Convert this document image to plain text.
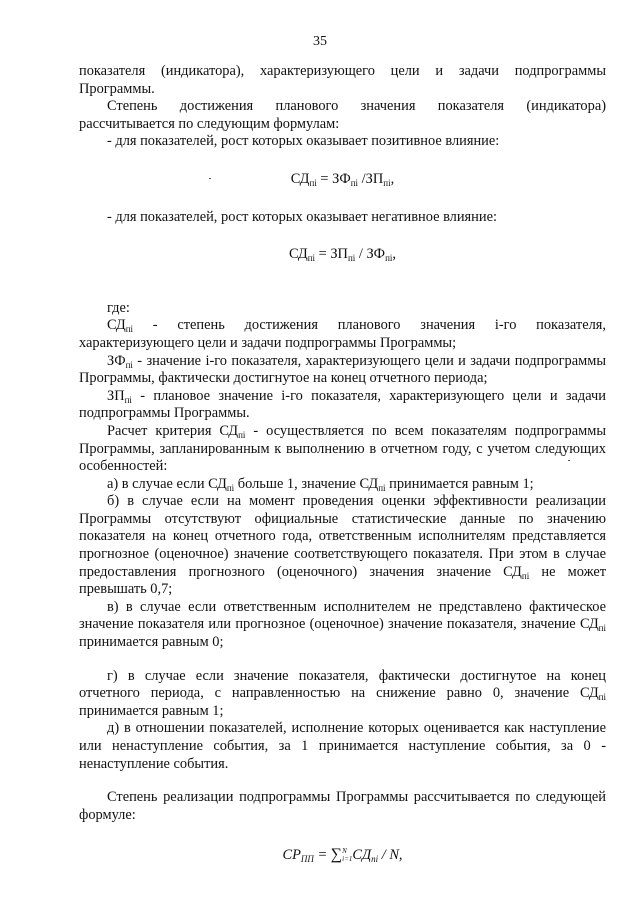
35

показателя (индикатора), характеризующего цели и задачи подпрограммы Программы.

Степень достижения планового значения показателя (индикатора) рассчитывается по следующим формулам:

- для показателей, рост которых оказывает позитивное влияние:

$СД_{пi} = ЗФ_{пi}$ $/ЗП_{пi}$,

- для показателей, рост которых оказывает негативное влияние:

$СД_{пi} = ЗП_{пi} / ЗФ_{пi}$,

где:

$СД_{пi}$ - степень достижения планового значения i-го показателя, характеризующего цели и задачи подпрограммы Программы;

$ЗФ_{пi}$ - значение i-го показателя, характеризующего цели и задачи подпрограммы Программы, фактически достигнутое на конец отчетного периода;

$ЗП_{пi}$ - плановое значение i-го показателя, характеризующего цели и задачи подпрограммы Программы.

Расчет критерия $СД_{пi}$ - осуществляется по всем показателям подпрограммы Программы, запланированным к выполнению в отчетном году, с учетом следующих особенностей:

а) в случае если $СД_{пi}$ больше 1, значение $СД_{пi}$ принимается равным 1;

б) в случае если на момент проведения оценки эффективности реализации Программы отсутствуют официальные статистические данные по значению показателя на конец отчетного года, ответственным исполнителям представляется прогнозное (оценочное) значение соответствующего показателя. При этом в случае предоставления прогнозного (оценочного) значения значение $СД_{пi}$ не может превышать 0,7;

в) в случае если ответственным исполнителем не представлено фактическое значение показателя или прогнозное (оценочное) значение показателя, значение $СД_{пi}$ принимается равным 0;

г) в случае если значение показателя, фактически достигнутое на конец отчетного периода, с направленностью на снижение равно 0, значение $СД_{пi}$ принимается равным 1;

д) в отношении показателей, исполнение которых оценивается как наступление или ненаступление события, за 1 принимается наступление события, за 0 - ненаступление события.

Степень реализации подпрограммы Программы рассчитывается по следующей формуле:

$СР_{ПП} = \sum N$
$i=1СД_{пi} / N$,
